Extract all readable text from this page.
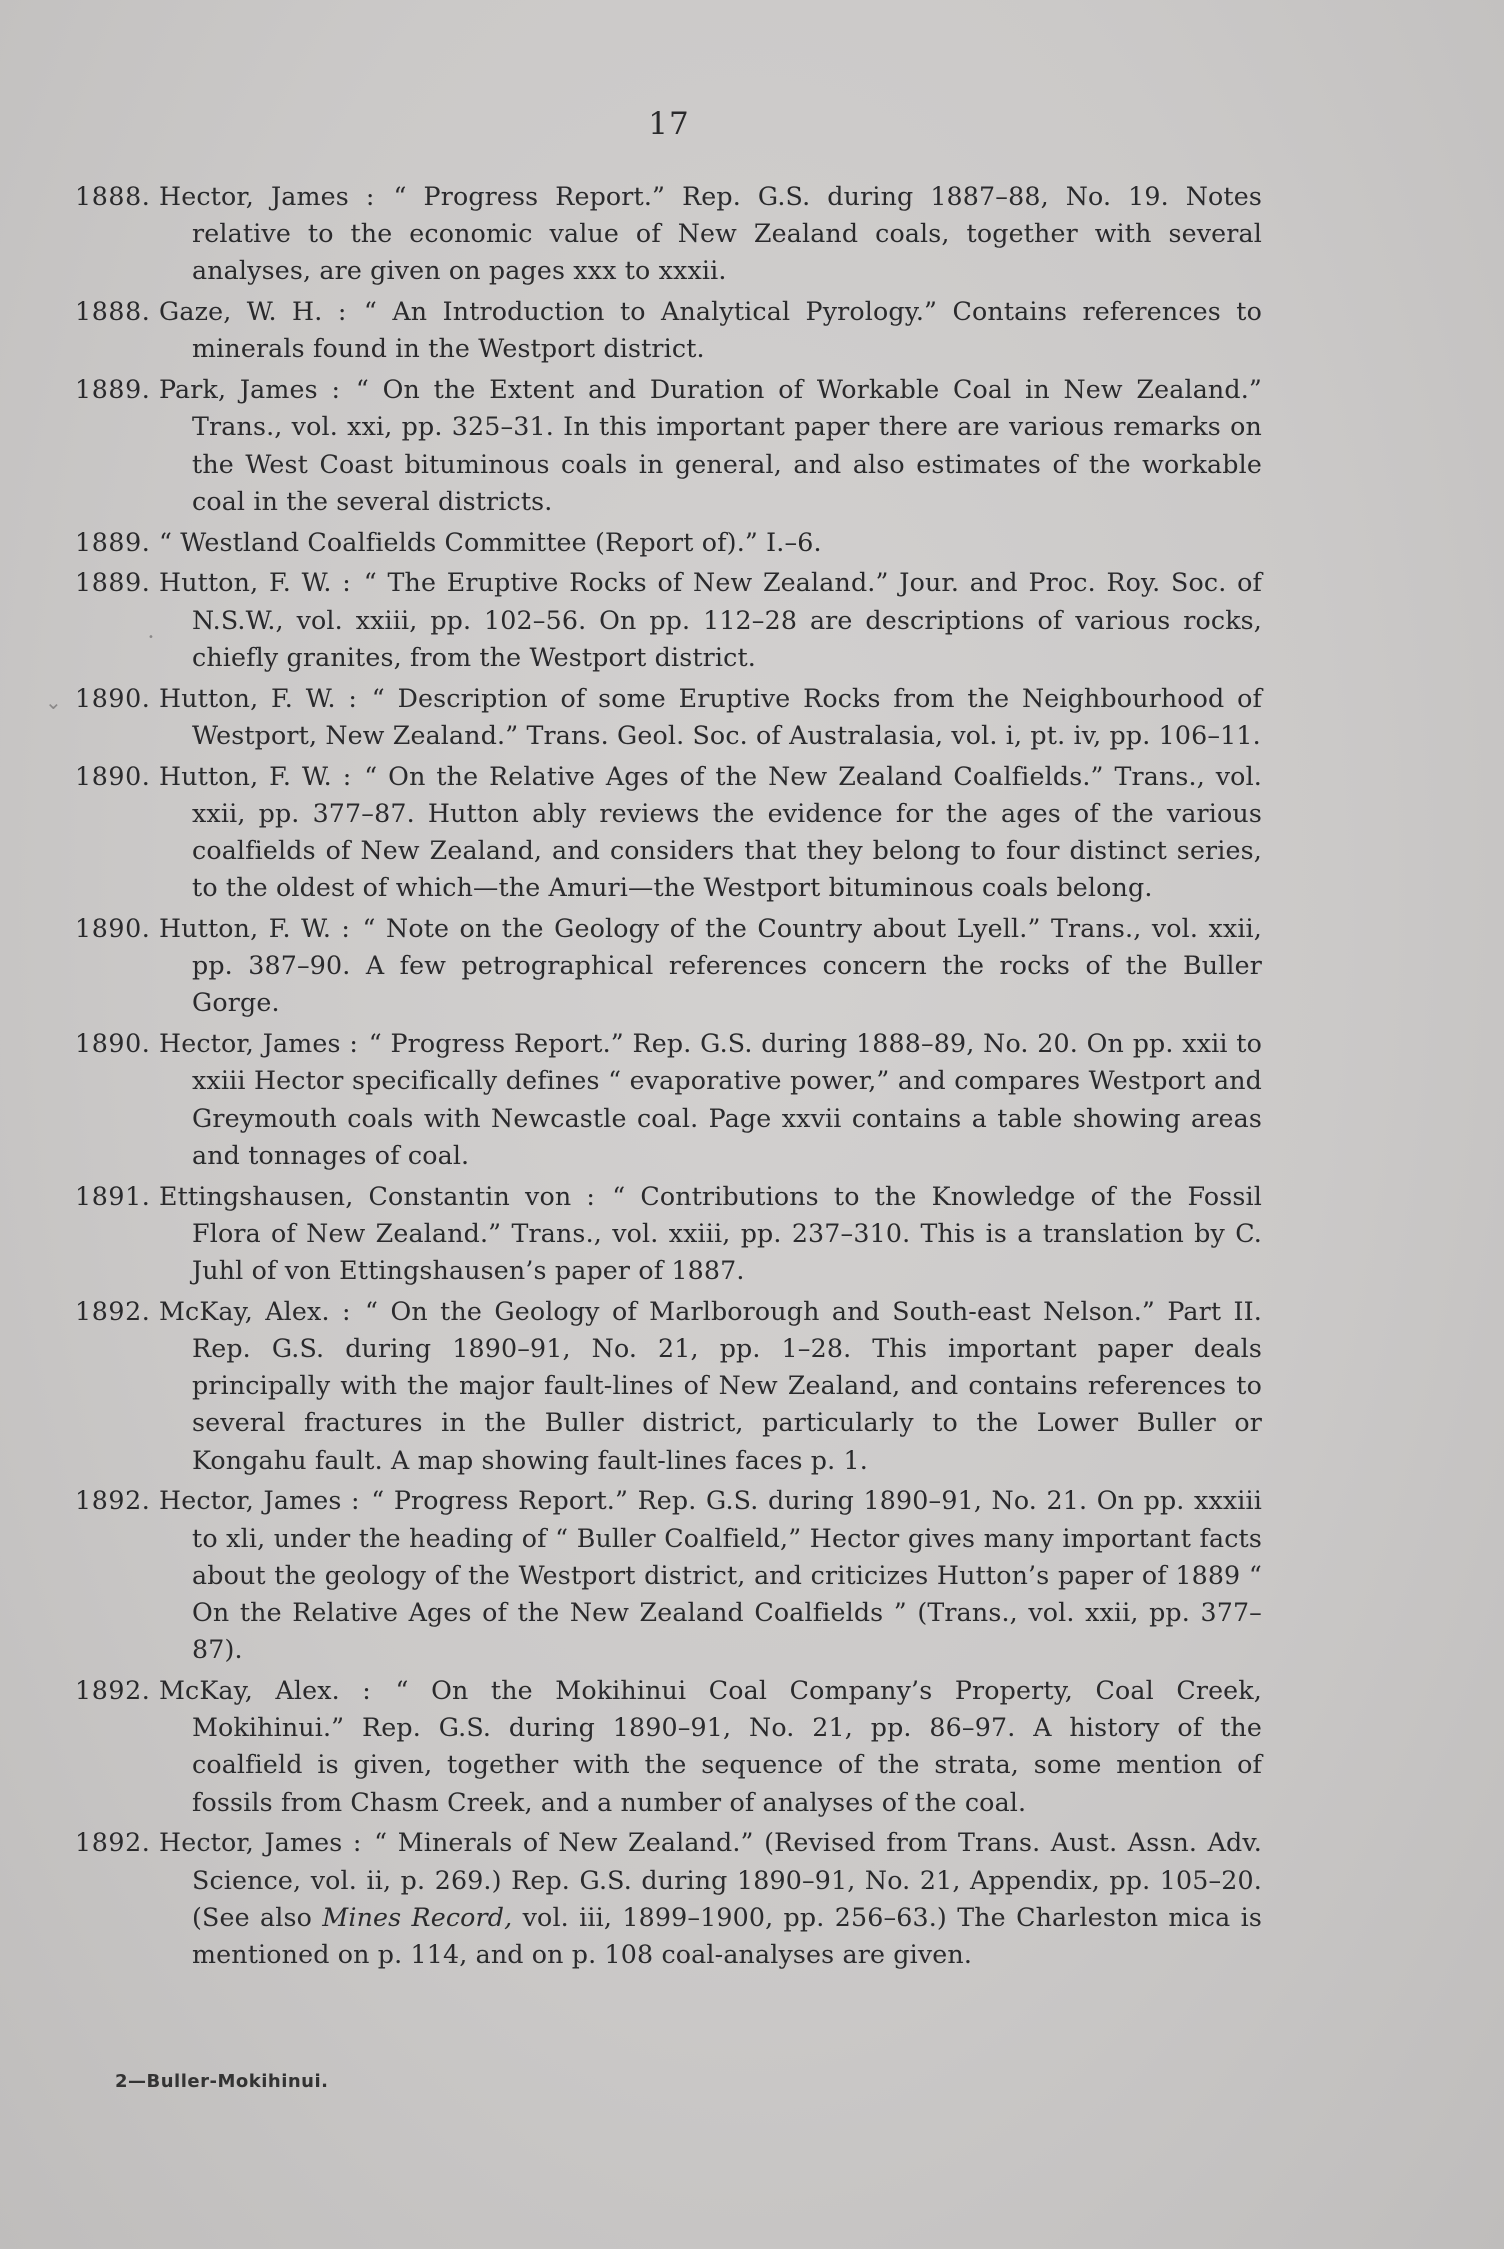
17
1888. Hector, James : “ Progress Report.” Rep. G.S. during 1887–88, No. 19. Notes relative to the economic value of New Zealand coals, together with several analyses, are given on pages xxx to xxxii.
1888. Gaze, W. H. : “ An Introduction to Analytical Pyrology.” Contains references to minerals found in the Westport district.
1889. Park, James : “ On the Extent and Duration of Workable Coal in New Zealand.” Trans., vol. xxi, pp. 325–31. In this important paper there are various remarks on the West Coast bituminous coals in general, and also estimates of the workable coal in the several districts.
1889. “ Westland Coalfields Committee (Report of).” I.–6.
1889. Hutton, F. W. : “ The Eruptive Rocks of New Zealand.” Jour. and Proc. Roy. Soc. of N.S.W., vol. xxiii, pp. 102–56. On pp. 112–28 are descriptions of various rocks, chiefly granites, from the Westport district.
1890. Hutton, F. W. : “ Description of some Eruptive Rocks from the Neighbourhood of Westport, New Zealand.” Trans. Geol. Soc. of Australasia, vol. i, pt. iv, pp. 106–11.
1890. Hutton, F. W. : “ On the Relative Ages of the New Zealand Coalfields.” Trans., vol. xxii, pp. 377–87. Hutton ably reviews the evidence for the ages of the various coalfields of New Zealand, and considers that they belong to four distinct series, to the oldest of which—the Amuri—the Westport bituminous coals belong.
1890. Hutton, F. W. : “ Note on the Geology of the Country about Lyell.” Trans., vol. xxii, pp. 387–90. A few petrographical references concern the rocks of the Buller Gorge.
1890. Hector, James : “ Progress Report.” Rep. G.S. during 1888–89, No. 20. On pp. xxii to xxiii Hector specifically defines “ evaporative power,” and compares Westport and Greymouth coals with Newcastle coal. Page xxvii contains a table showing areas and tonnages of coal.
1891. Ettingshausen, Constantin von : “ Contributions to the Knowledge of the Fossil Flora of New Zealand.” Trans., vol. xxiii, pp. 237–310. This is a translation by C. Juhl of von Ettingshausen’s paper of 1887.
1892. McKay, Alex. : “ On the Geology of Marlborough and South-east Nelson.” Part II. Rep. G.S. during 1890–91, No. 21, pp. 1–28. This important paper deals principally with the major fault-lines of New Zealand, and contains references to several fractures in the Buller district, particularly to the Lower Buller or Kongahu fault. A map showing fault-lines faces p. 1.
1892. Hector, James : “ Progress Report.” Rep. G.S. during 1890–91, No. 21. On pp. xxxiii to xli, under the heading of “ Buller Coalfield,” Hector gives many important facts about the geology of the Westport district, and criticizes Hutton’s paper of 1889 “ On the Relative Ages of the New Zealand Coalfields ” (Trans., vol. xxii, pp. 377–87).
1892. McKay, Alex. : “ On the Mokihinui Coal Company’s Property, Coal Creek, Mokihinui.” Rep. G.S. during 1890–91, No. 21, pp. 86–97. A history of the coalfield is given, together with the sequence of the strata, some mention of fossils from Chasm Creek, and a number of analyses of the coal.
1892. Hector, James : “ Minerals of New Zealand.” (Revised from Trans. Aust. Assn. Adv. Science, vol. ii, p. 269.) Rep. G.S. during 1890–91, No. 21, Appendix, pp. 105–20. (See also Mines Record, vol. iii, 1899–1900, pp. 256–63.) The Charleston mica is mentioned on p. 114, and on p. 108 coal-analyses are given.
2—Buller-Mokihinui.
⌄
•
